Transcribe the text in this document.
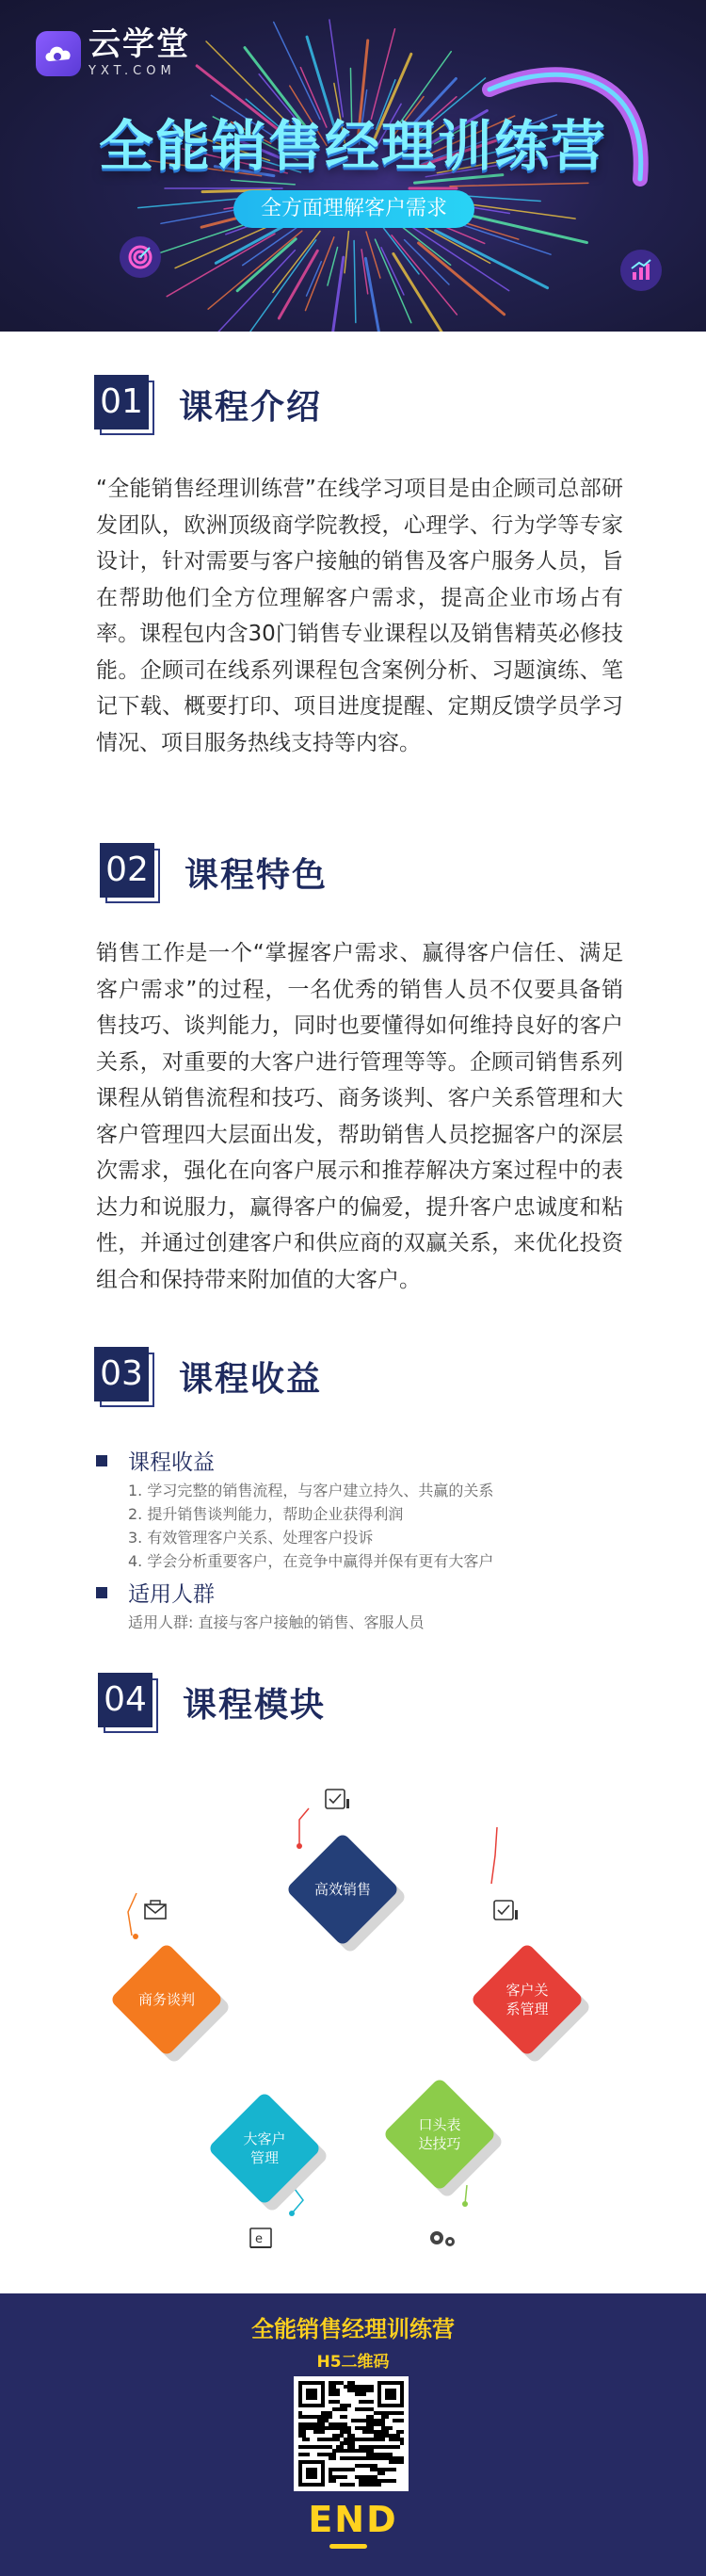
云学堂
YXT.COM
全能销售经理训练营
全方面理解客户需求
01 课程介绍
“全能销售经理训练营”在线学习项目是由企顾司总部研发团队，欧洲顶级商学院教授，心理学、行为学等专家设计，针对需要与客户接触的销售及客户服务人员，旨在帮助他们全方位理解客户需求，提高企业市场占有率。课程包内含30门销售专业课程以及销售精英必修技能。企顾司在线系列课程包含案例分析、习题演练、笔记下载、概要打印、项目进度提醒、定期反馈学员学习情况、项目服务热线支持等内容。
02 课程特色
销售工作是一个“掌握客户需求、赢得客户信任、满足客户需求”的过程，一名优秀的销售人员不仅要具备销售技巧、谈判能力，同时也要懂得如何维持良好的客户关系，对重要的大客户进行管理等等。企顾司销售系列课程从销售流程和技巧、商务谈判、客户关系管理和大客户管理四大层面出发，帮助销售人员挖掘客户的深层次需求，强化在向客户展示和推荐解决方案过程中的表达力和说服力，赢得客户的偏爱，提升客户忠诚度和粘性，并通过创建客户和供应商的双赢关系，来优化投资组合和保持带来附加值的大客户。
03 课程收益
课程收益
1. 学习完整的销售流程，与客户建立持久、共赢的关系
2. 提升销售谈判能力，帮助企业获得利润
3. 有效管理客户关系、处理客户投诉
4. 学会分析重要客户，在竞争中赢得并保有更有大客户
适用人群
适用人群: 直接与客户接触的销售、客服人员
04 课程模块
高效销售
客户关系管理
口头表达技巧
大客户管理
商务谈判
e
全能销售经理训练营
H5二维码
END
